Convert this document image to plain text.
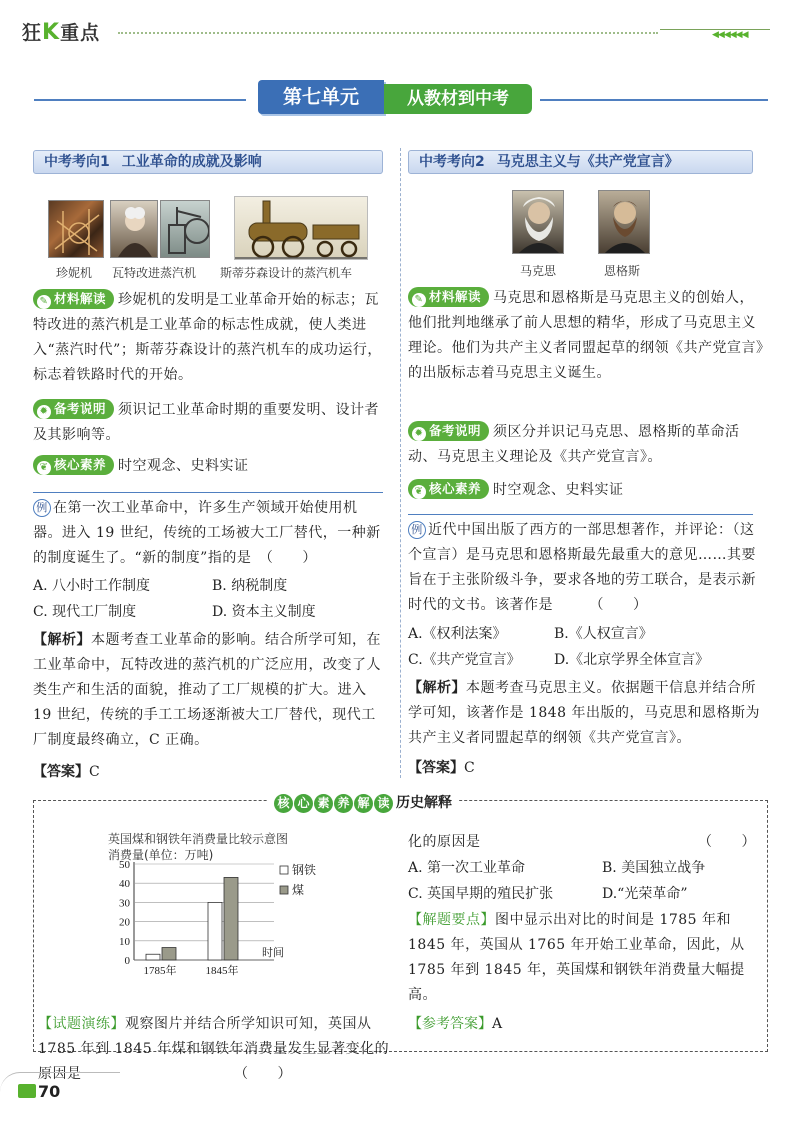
狂K重点	◀◀◀◀◀◀
第七单元	从教材到中考
中考考向1 工业革命的成就及影响
珍妮机 瓦特改进蒸汽机 斯蒂芬森设计的蒸汽机车
✎ 材料解读 珍妮机的发明是工业革命开始的标志；瓦特改进的蒸汽机是工业革命的标志性成就，使人类进入“蒸汽时代”；斯蒂芬森设计的蒸汽机车的成功运行，标志着铁路时代的开始。
✹ 备考说明 须识记工业革命时期的重要发明、设计者及其影响等。
❦ 核心素养 时空观念、史料实证
例 在第一次工业革命中，许多生产领域开始使用机器。进入 19 世纪，传统的工场被大工厂替代，一种新的制度诞生了。“新的制度”指的是　（　　）
A. 八小时工作制度	B. 纳税制度
C. 现代工厂制度	D. 资本主义制度
【解析】本题考查工业革命的影响。结合所学可知，在工业革命中，瓦特改进的蒸汽机的广泛应用，改变了人类生产和生活的面貌，推动了工厂规模的扩大。进入 19 世纪，传统的手工工场逐渐被大工厂替代，现代工厂制度最终确立，C 正确。
【答案】C
中考考向2 马克思主义与《共产党宣言》
马克思	恩格斯
✎ 材料解读 马克思和恩格斯是马克思主义的创始人，他们批判地继承了前人思想的精华，形成了马克思主义理论。他们为共产主义者同盟起草的纲领《共产党宣言》的出版标志着马克思主义诞生。
✹ 备考说明 须区分并识记马克思、恩格斯的革命活动、马克思主义理论及《共产党宣言》。
❦ 核心素养 时空观念、史料实证
例 近代中国出版了西方的一部思想著作，并评论：（这个宣言）是马克思和恩格斯最先最重大的意见……其要旨在于主张阶级斗争，要求各地的劳工联合，是表示新时代的文书。该著作是　　　（　　）
A.《权利法案》	B.《人权宣言》
C.《共产党宣言》 D.《北京学界全体宣言》
【解析】本题考查马克思主义。依据题干信息并结合所学可知，该著作是 1848 年出版的，马克思和恩格斯为共产主义者同盟起草的纲领《共产党宣言》。
【答案】C
核 心 素 养 解 读 历史解释
英国煤和钢铁年消费量比较示意图
消费量(单位：万吨)
0
10
20
30
40
50
1785年	1845年
时间
钢铁
煤
【试题演练】观察图片并结合所学知识可知，英国从 1785 年到 1845 年煤和钢铁年消费量发生显著变化的原因是　　　　　　　　　　　（　　）
化的原因是	（　　）
A. 第一次工业革命	B. 美国独立战争
C. 英国早期的殖民扩张	D.“光荣革命”
【解题要点】图中显示出对比的时间是 1785 年和 1845 年，英国从 1765 年开始工业革命，因此，从 1785 年到 1845 年，英国煤和钢铁年消费量大幅提高。
【参考答案】A
70
